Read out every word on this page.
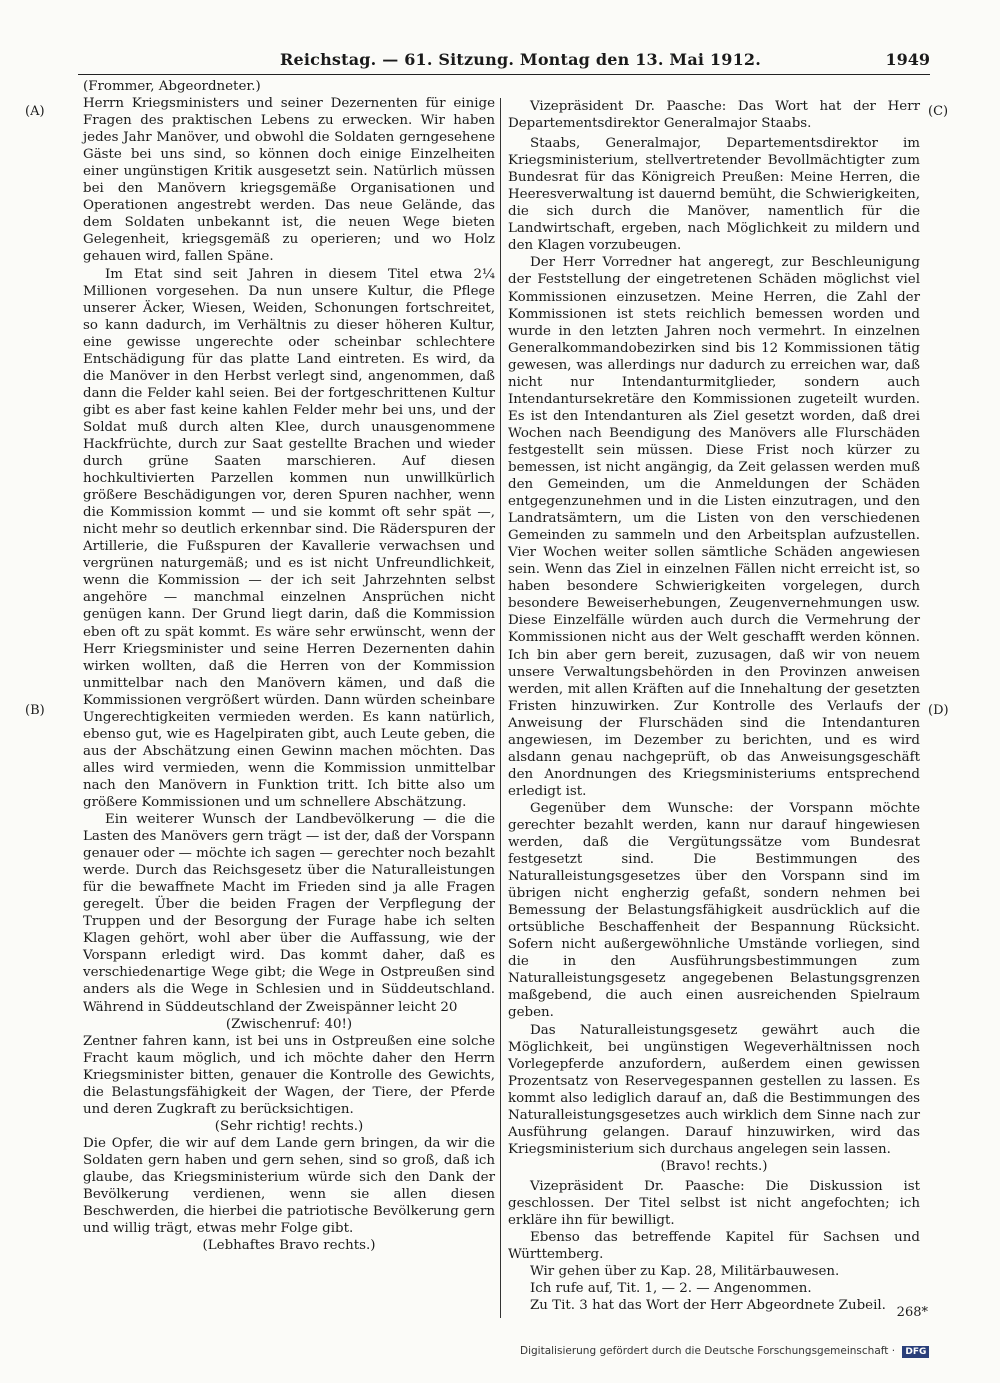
Reichstag. — 61. Sitzung. Montag den 13. Mai 1912.	1949
(A)
(B)
(C)
(D)

(Frommer, Abgeordneter.)

Herrn Kriegsministers und seiner Dezernenten für einige Fragen des praktischen Lebens zu erwecken. Wir haben jedes Jahr Manöver, und obwohl die Soldaten gerngesehene Gäste bei uns sind, so können doch einige Einzelheiten einer ungünstigen Kritik ausgesetzt sein. Natürlich müssen bei den Manövern kriegsgemäße Organisationen und Operationen angestrebt werden. Das neue Gelände, das dem Soldaten unbekannt ist, die neuen Wege bieten Gelegenheit, kriegsgemäß zu operieren; und wo Holz gehauen wird, fallen Späne.

Im Etat sind seit Jahren in diesem Titel etwa 2¼ Millionen vorgesehen. Da nun unsere Kultur, die Pflege unserer Äcker, Wiesen, Weiden, Schonungen fortschreitet, so kann dadurch, im Verhältnis zu dieser höheren Kultur, eine gewisse ungerechte oder scheinbar schlechtere Entschädigung für das platte Land eintreten. Es wird, da die Manöver in den Herbst verlegt sind, angenommen, daß dann die Felder kahl seien. Bei der fortgeschrittenen Kultur gibt es aber fast keine kahlen Felder mehr bei uns, und der Soldat muß durch alten Klee, durch unausgenommene Hackfrüchte, durch zur Saat gestellte Brachen und wieder durch grüne Saaten marschieren. Auf diesen hochkultivierten Parzellen kommen nun unwillkürlich größere Beschädigungen vor, deren Spuren nachher, wenn die Kommission kommt — und sie kommt oft sehr spät —, nicht mehr so deutlich erkennbar sind. Die Räderspuren der Artillerie, die Fußspuren der Kavallerie verwachsen und vergrünen naturgemäß; und es ist nicht Unfreundlichkeit, wenn die Kommission — der ich seit Jahrzehnten selbst angehöre — manchmal einzelnen Ansprüchen nicht genügen kann. Der Grund liegt darin, daß die Kommission eben oft zu spät kommt. Es wäre sehr erwünscht, wenn der Herr Kriegsminister und seine Herren Dezernenten dahin wirken wollten, daß die Herren von der Kommission unmittelbar nach den Manövern kämen, und daß die Kommissionen vergrößert würden. Dann würden scheinbare Ungerechtigkeiten vermieden werden. Es kann natürlich, ebenso gut, wie es Hagelpiraten gibt, auch Leute geben, die aus der Abschätzung einen Gewinn machen möchten. Das alles wird vermieden, wenn die Kommission unmittelbar nach den Manövern in Funktion tritt. Ich bitte also um größere Kommissionen und um schnellere Abschätzung.

Ein weiterer Wunsch der Landbevölkerung — die die Lasten des Manövers gern trägt — ist der, daß der Vorspann genauer oder — möchte ich sagen — gerechter noch bezahlt werde. Durch das Reichsgesetz über die Naturalleistungen für die bewaffnete Macht im Frieden sind ja alle Fragen geregelt. Über die beiden Fragen der Verpflegung der Truppen und der Besorgung der Furage habe ich selten Klagen gehört, wohl aber über die Auffassung, wie der Vorspann erledigt wird. Das kommt daher, daß es verschiedenartige Wege gibt; die Wege in Ostpreußen sind anders als die Wege in Schlesien und in Süddeutschland. Während in Süddeutschland der Zweispänner leicht 20

(Zwischenruf: 40!)

Zentner fahren kann, ist bei uns in Ostpreußen eine solche Fracht kaum möglich, und ich möchte daher den Herrn Kriegsminister bitten, genauer die Kontrolle des Gewichts, die Belastungsfähigkeit der Wagen, der Tiere, der Pferde und deren Zugkraft zu berücksichtigen.

(Sehr richtig! rechts.)

Die Opfer, die wir auf dem Lande gern bringen, da wir die Soldaten gern haben und gern sehen, sind so groß, daß ich glaube, das Kriegsministerium würde sich den Dank der Bevölkerung verdienen, wenn sie allen diesen Beschwerden, die hierbei die patriotische Bevölkerung gern und willig trägt, etwas mehr Folge gibt.

(Lebhaftes Bravo rechts.)

Vizepräsident Dr. Paasche: Das Wort hat der Herr Departementsdirektor Generalmajor Staabs.

Staabs, Generalmajor, Departementsdirektor im Kriegsministerium, stellvertretender Bevollmächtigter zum Bundesrat für das Königreich Preußen: Meine Herren, die Heeresverwaltung ist dauernd bemüht, die Schwierigkeiten, die sich durch die Manöver, namentlich für die Landwirtschaft, ergeben, nach Möglichkeit zu mildern und den Klagen vorzubeugen.

Der Herr Vorredner hat angeregt, zur Beschleunigung der Feststellung der eingetretenen Schäden möglichst viel Kommissionen einzusetzen. Meine Herren, die Zahl der Kommissionen ist stets reichlich bemessen worden und wurde in den letzten Jahren noch vermehrt. In einzelnen Generalkommandobezirken sind bis 12 Kommissionen tätig gewesen, was allerdings nur dadurch zu erreichen war, daß nicht nur Intendanturmitglieder, sondern auch Intendantursekretäre den Kommissionen zugeteilt wurden. Es ist den Intendanturen als Ziel gesetzt worden, daß drei Wochen nach Beendigung des Manövers alle Flurschäden festgestellt sein müssen. Diese Frist noch kürzer zu bemessen, ist nicht angängig, da Zeit gelassen werden muß den Gemeinden, um die Anmeldungen der Schäden entgegenzunehmen und in die Listen einzutragen, und den Landratsämtern, um die Listen von den verschiedenen Gemeinden zu sammeln und den Arbeitsplan aufzustellen. Vier Wochen weiter sollen sämtliche Schäden angewiesen sein. Wenn das Ziel in einzelnen Fällen nicht erreicht ist, so haben besondere Schwierigkeiten vorgelegen, durch besondere Beweiserhebungen, Zeugenvernehmungen usw. Diese Einzelfälle würden auch durch die Vermehrung der Kommissionen nicht aus der Welt geschafft werden können. Ich bin aber gern bereit, zuzusagen, daß wir von neuem unsere Verwaltungsbehörden in den Provinzen anweisen werden, mit allen Kräften auf die Innehaltung der gesetzten Fristen hinzuwirken. Zur Kontrolle des Verlaufs der Anweisung der Flurschäden sind die Intendanturen angewiesen, im Dezember zu berichten, und es wird alsdann genau nachgeprüft, ob das Anweisungsgeschäft den Anordnungen des Kriegsministeriums entsprechend erledigt ist.

Gegenüber dem Wunsche: der Vorspann möchte gerechter bezahlt werden, kann nur darauf hingewiesen werden, daß die Vergütungssätze vom Bundesrat festgesetzt sind. Die Bestimmungen des Naturalleistungsgesetzes über den Vorspann sind im übrigen nicht engherzig gefaßt, sondern nehmen bei Bemessung der Belastungsfähigkeit ausdrücklich auf die ortsübliche Beschaffenheit der Bespannung Rücksicht. Sofern nicht außergewöhnliche Umstände vorliegen, sind die in den Ausführungsbestimmungen zum Naturalleistungsgesetz angegebenen Belastungsgrenzen maßgebend, die auch einen ausreichenden Spielraum geben.

Das Naturalleistungsgesetz gewährt auch die Möglichkeit, bei ungünstigen Wegeverhältnissen noch Vorlegepferde anzufordern, außerdem einen gewissen Prozentsatz von Reservegespannen gestellen zu lassen. Es kommt also lediglich darauf an, daß die Bestimmungen des Naturalleistungsgesetzes auch wirklich dem Sinne nach zur Ausführung gelangen. Darauf hinzuwirken, wird das Kriegsministerium sich durchaus angelegen sein lassen.

(Bravo! rechts.)

Vizepräsident Dr. Paasche: Die Diskussion ist geschlossen. Der Titel selbst ist nicht angefochten; ich erkläre ihn für bewilligt.

Ebenso das betreffende Kapitel für Sachsen und Württemberg.

Wir gehen über zu Kap. 28, Militärbauwesen.

Ich rufe auf, Tit. 1, — 2. — Angenommen.

Zu Tit. 3 hat das Wort der Herr Abgeordnete Zubeil. 268*
Digitalisierung gefördert durch die Deutsche Forschungsgemeinschaft · DFG
